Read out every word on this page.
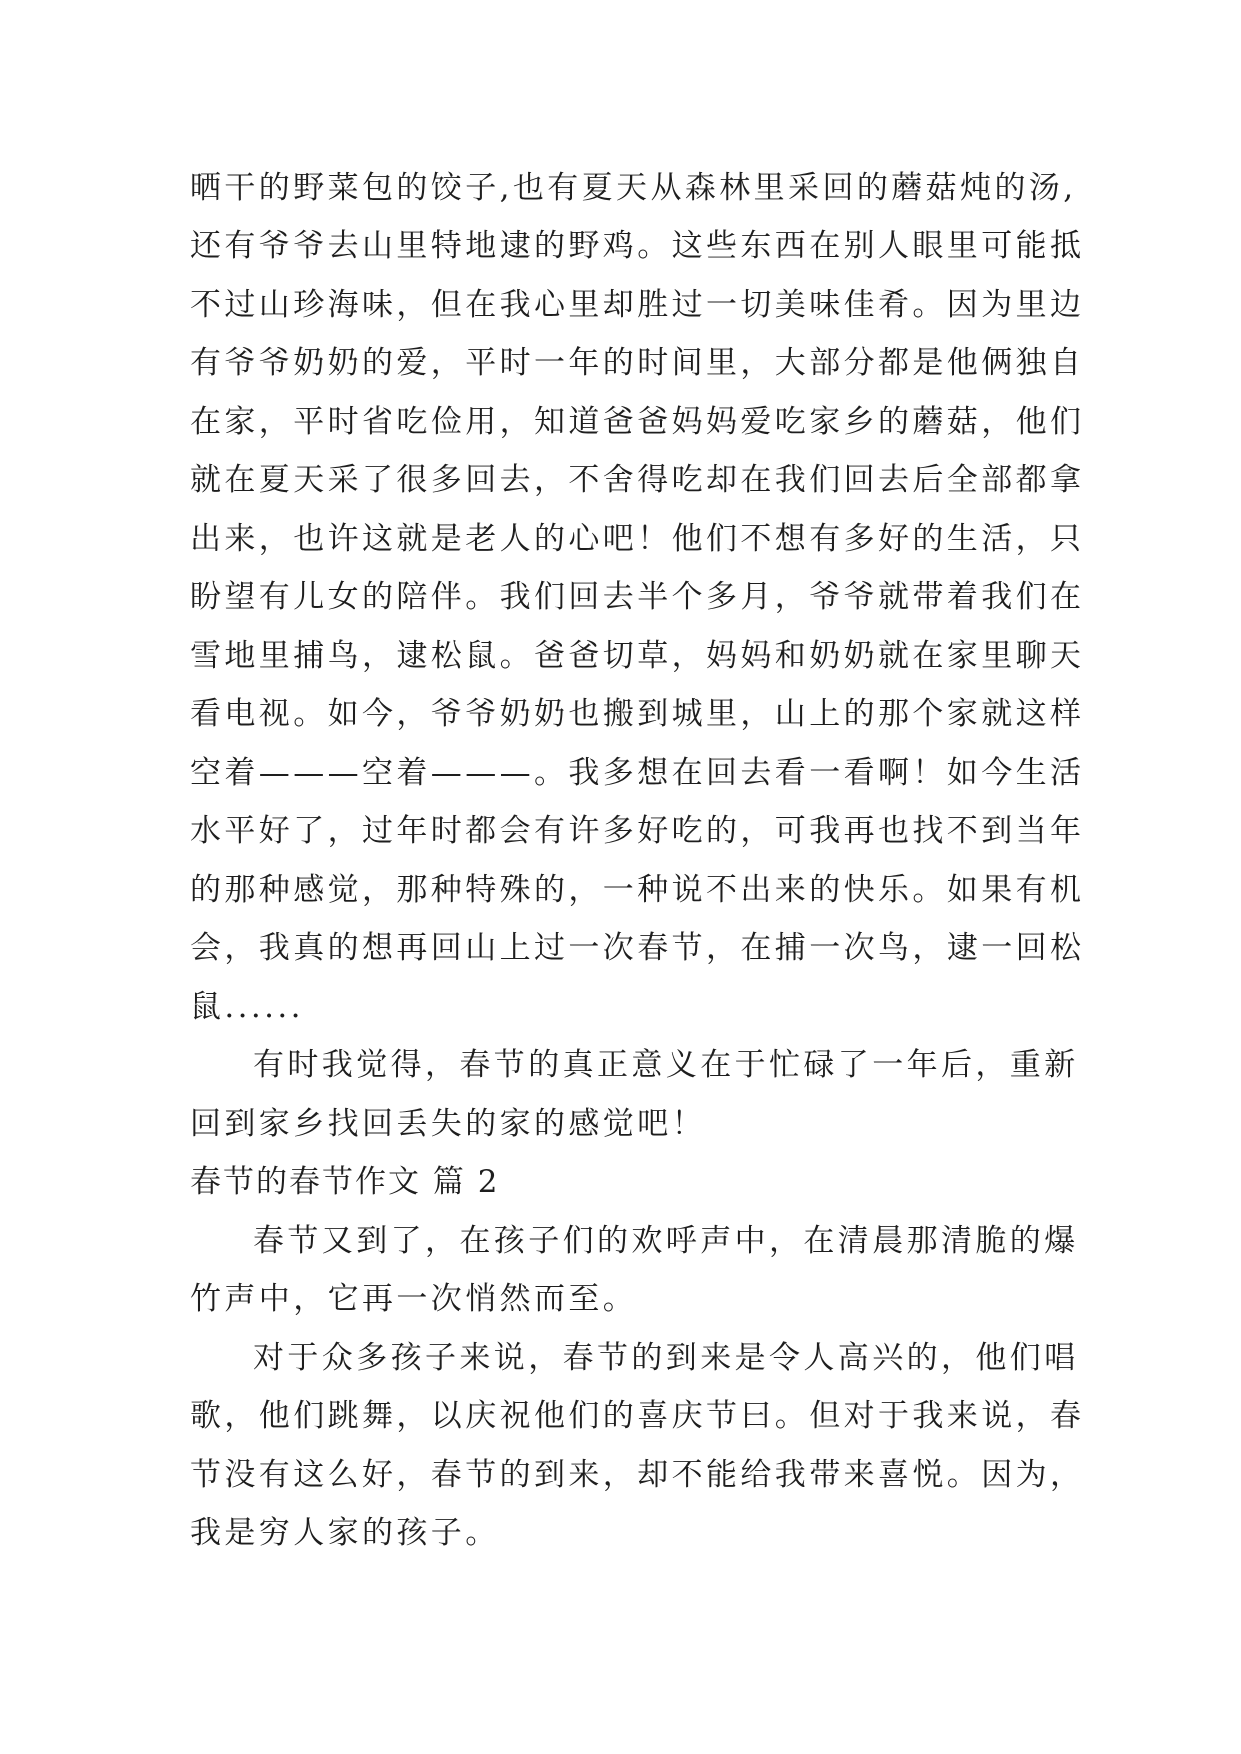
晒干的野菜包的饺子,也有夏天从森林里采回的蘑菇炖的汤,
还有爷爷去山里特地逮的野鸡。这些东西在别人眼里可能抵
不过山珍海味，但在我心里却胜过一切美味佳肴。因为里边
有爷爷奶奶的爱，平时一年的时间里，大部分都是他俩独自
在家，平时省吃俭用，知道爸爸妈妈爱吃家乡的蘑菇，他们
就在夏天采了很多回去，不舍得吃却在我们回去后全部都拿
出来，也许这就是老人的心吧！他们不想有多好的生活，只
盼望有儿女的陪伴。我们回去半个多月，爷爷就带着我们在
雪地里捕鸟，逮松鼠。爸爸切草，妈妈和奶奶就在家里聊天
看电视。如今，爷爷奶奶也搬到城里，山上的那个家就这样
空着———空着———。我多想在回去看一看啊！如今生活
水平好了，过年时都会有许多好吃的，可我再也找不到当年
的那种感觉，那种特殊的，一种说不出来的快乐。如果有机
会，我真的想再回山上过一次春节，在捕一次鸟，逮一回松
鼠......
有时我觉得，春节的真正意义在于忙碌了一年后，重新
回到家乡找回丢失的家的感觉吧！
春节的春节作文 篇 2
春节又到了，在孩子们的欢呼声中，在清晨那清脆的爆
竹声中，它再一次悄然而至。
对于众多孩子来说，春节的到来是令人高兴的，他们唱
歌，他们跳舞，以庆祝他们的喜庆节曰。但对于我来说，春
节没有这么好，春节的到来，却不能给我带来喜悦。因为，
我是穷人家的孩子。
